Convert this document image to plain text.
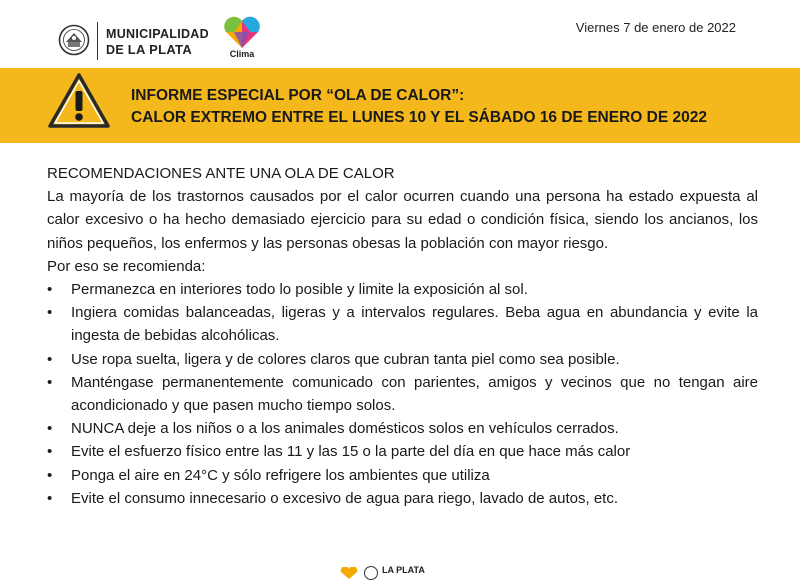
MUNICIPALIDAD
DE LA PLATA	Clima
Viernes 7 de enero de 2022
INFORME ESPECIAL POR “OLA DE CALOR”:
CALOR EXTREMO ENTRE EL LUNES 10 Y EL SÁBADO 16 DE ENERO DE 2022

RECOMENDACIONES ANTE UNA OLA DE CALOR

La mayoría de los trastornos causados por el calor ocurren cuando una persona ha estado expuesta al calor excesivo o ha hecho demasiado ejercicio para su edad o condición física, siendo los ancianos, los niños pequeños, los enfermos y las personas obesas la población con mayor riesgo.

Por eso se recomienda:

• Permanezca en interiores todo lo posible y limite la exposición al sol.
• Ingiera comidas balanceadas, ligeras y a intervalos regulares. Beba agua en abundancia y evite la ingesta de bebidas alcohólicas.
• Use ropa suelta, ligera y de colores claros que cubran tanta piel como sea posible.
• Manténgase permanentemente comunicado con parientes, amigos y vecinos que no tengan aire acondicionado y que pasen mucho tiempo solos.
• NUNCA deje a los niños o a los animales domésticos solos en vehículos cerrados.
• Evite el esfuerzo físico entre las 11 y las 15 o la parte del día en que hace más calor
• Ponga el aire en 24°C y sólo refrigere los ambientes que utiliza
• Evite el consumo innecesario o excesivo de agua para riego, lavado de autos, etc.
LA PLATA
